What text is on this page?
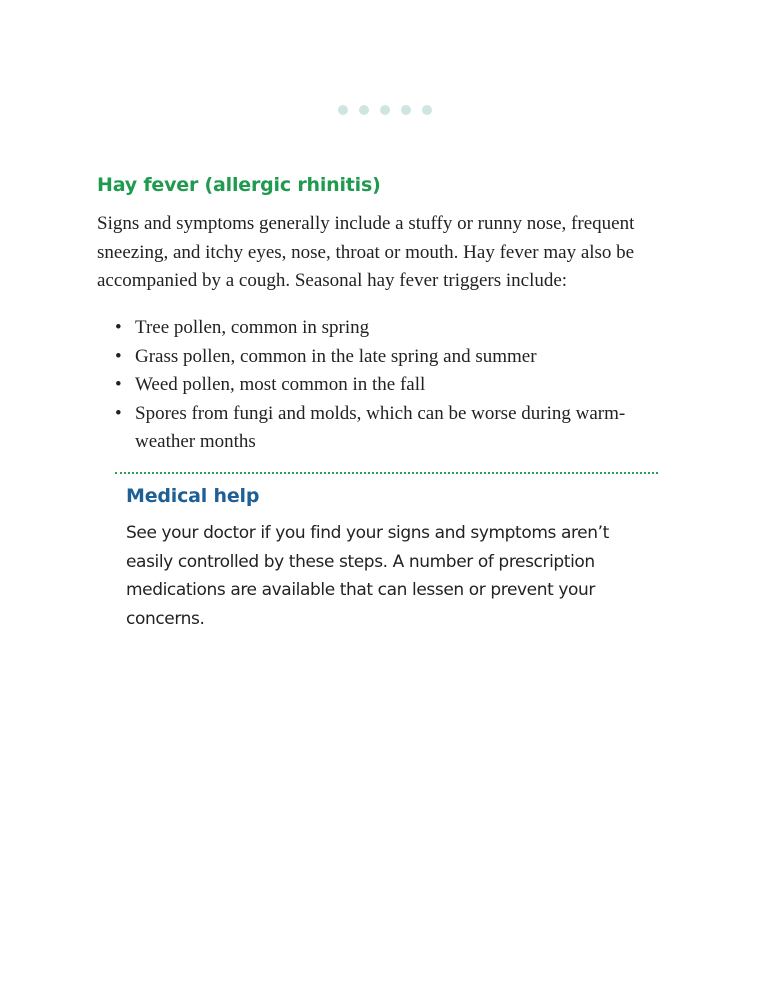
Hay fever (allergic rhinitis)

Signs and symptoms generally include a stuffy or runny nose, frequent sneezing, and itchy eyes, nose, throat or mouth. Hay fever may also be accompanied by a cough. Seasonal hay fever triggers include:

• Tree pollen, common in spring
• Grass pollen, common in the late spring and summer
• Weed pollen, most common in the fall
• Spores from fungi and molds, which can be worse during warm-weather months
Medical help

See your doctor if you find your signs and symptoms aren’t easily controlled by these steps. A number of prescription medications are available that can lessen or prevent your concerns.
